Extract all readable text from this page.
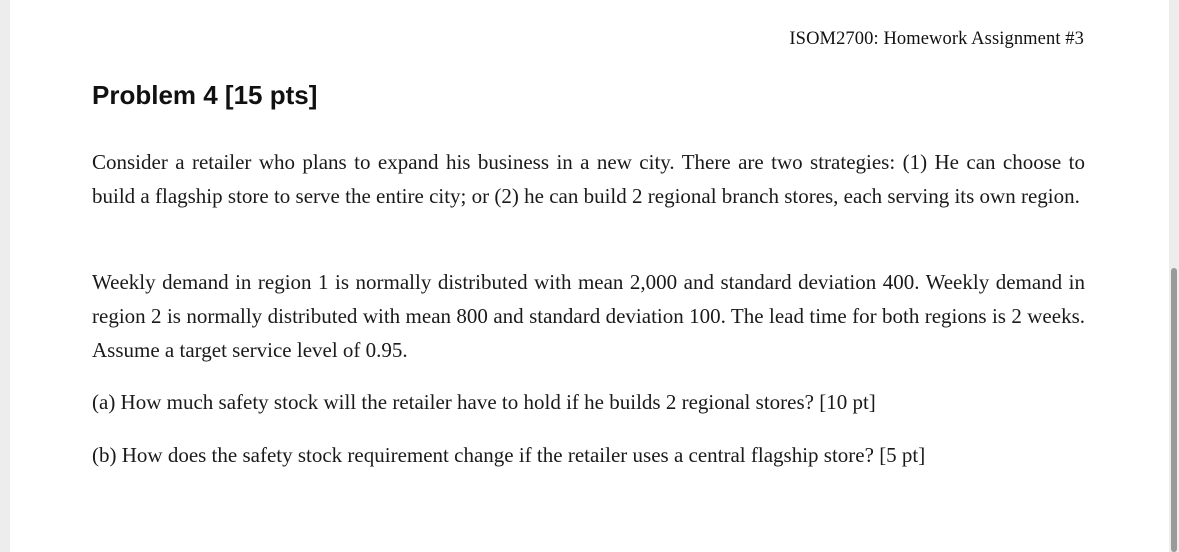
ISOM2700: Homework Assignment #3
Problem 4 [15 pts]

Consider a retailer who plans to expand his business in a new city. There are two strategies: (1) He can choose to build a flagship store to serve the entire city; or (2) he can build 2 regional branch stores, each serving its own region.

Weekly demand in region 1 is normally distributed with mean 2,000 and standard deviation 400. Weekly demand in region 2 is normally distributed with mean 800 and standard deviation 100. The lead time for both regions is 2 weeks. Assume a target service level of 0.95.

(a) How much safety stock will the retailer have to hold if he builds 2 regional stores? [10 pt]

(b) How does the safety stock requirement change if the retailer uses a central flagship store? [5 pt]
